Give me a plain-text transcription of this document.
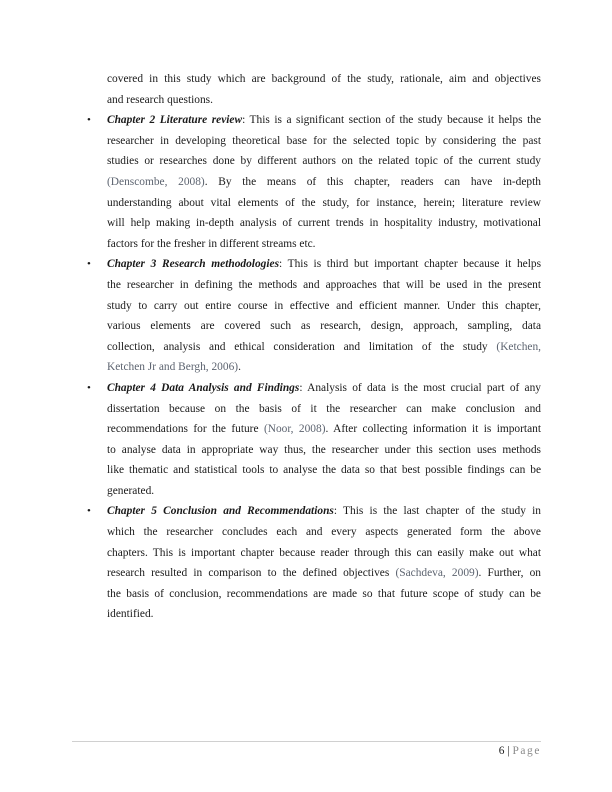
covered in this study which are background of the study, rationale, aim and objectives
and research questions.
• Chapter 2 Literature review: This is a significant section of the study because it helps the
researcher in developing theoretical base for the selected topic by considering the past
studies or researches done by different authors on the related topic of the current study
(Denscombe, 2008). By the means of this chapter, readers can have in-depth
understanding about vital elements of the study, for instance, herein; literature review
will help making in-depth analysis of current trends in hospitality industry, motivational
factors for the fresher in different streams etc.
• Chapter 3 Research methodologies: This is third but important chapter because it helps
the researcher in defining the methods and approaches that will be used in the present
study to carry out entire course in effective and efficient manner. Under this chapter,
various elements are covered such as research, design, approach, sampling, data
collection, analysis and ethical consideration and limitation of the study (Ketchen,
Ketchen Jr and Bergh, 2006).
• Chapter 4 Data Analysis and Findings: Analysis of data is the most crucial part of any
dissertation because on the basis of it the researcher can make conclusion and
recommendations for the future (Noor, 2008). After collecting information it is important
to analyse data in appropriate way thus, the researcher under this section uses methods
like thematic and statistical tools to analyse the data so that best possible findings can be
generated.
• Chapter 5 Conclusion and Recommendations: This is the last chapter of the study in
which the researcher concludes each and every aspects generated form the above
chapters. This is important chapter because reader through this can easily make out what
research resulted in comparison to the defined objectives (Sachdeva, 2009). Further, on
the basis of conclusion, recommendations are made so that future scope of study can be
identified.
6 | Page
